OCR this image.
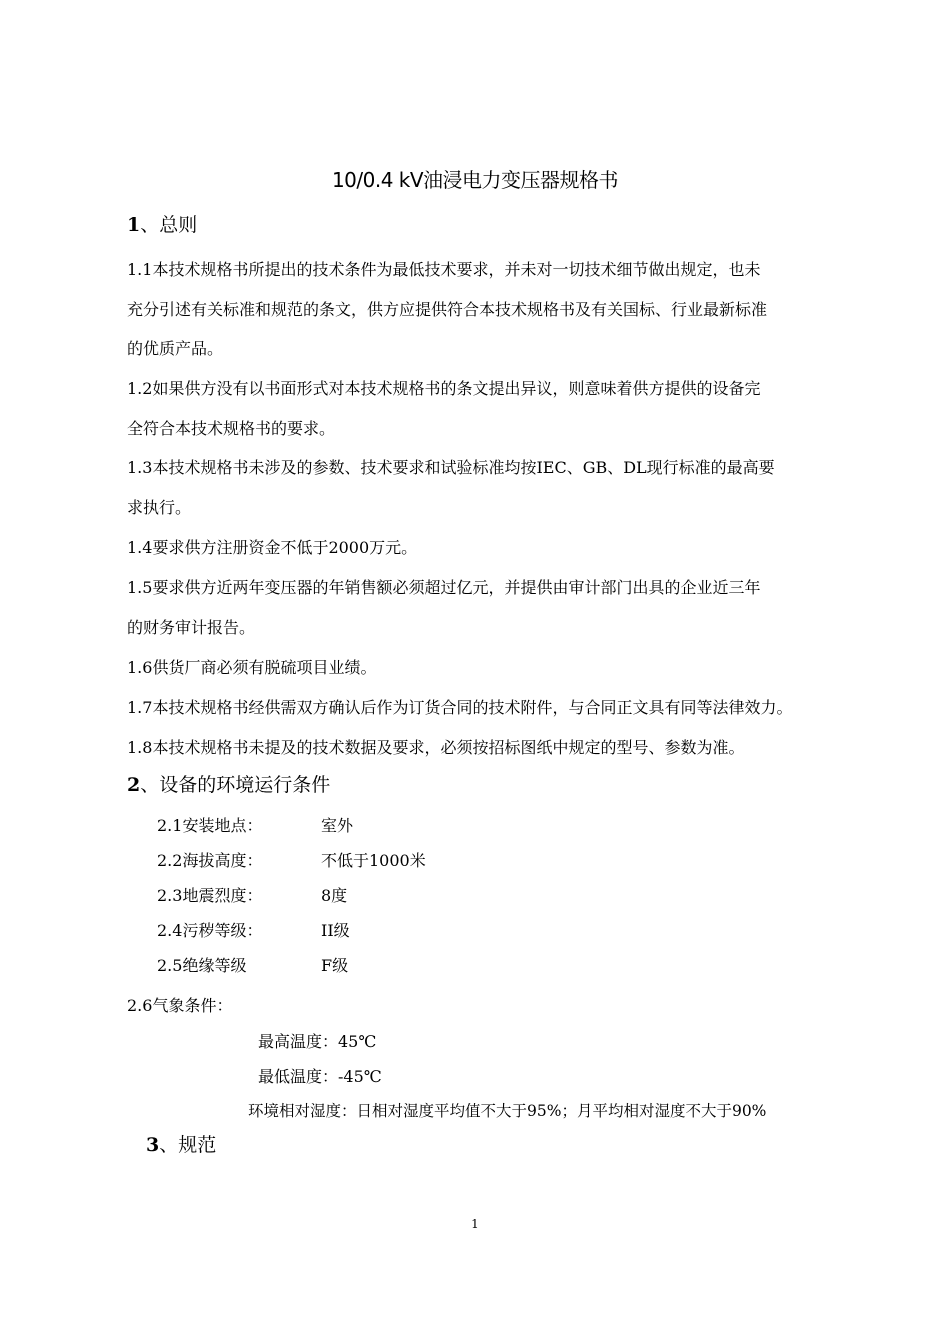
10/0.4 kV油浸电力变压器规格书
1、总则
1.1本技术规格书所提出的技术条件为最低技术要求，并未对一切技术细节做出规定，也未
充分引述有关标准和规范的条文，供方应提供符合本技术规格书及有关国标、行业最新标准
的优质产品。
1.2如果供方没有以书面形式对本技术规格书的条文提出异议，则意味着供方提供的设备完
全符合本技术规格书的要求。
1.3本技术规格书未涉及的参数、技术要求和试验标准均按IEC、GB、DL现行标准的最高要
求执行。
1.4要求供方注册资金不低于2000万元。
1.5要求供方近两年变压器的年销售额必须超过亿元，并提供由审计部门出具的企业近三年
的财务审计报告。
1.6供货厂商必须有脱硫项目业绩。
1.7本技术规格书经供需双方确认后作为订货合同的技术附件，与合同正文具有同等法律效力。
1.8本技术规格书未提及的技术数据及要求，必须按招标图纸中规定的型号、参数为准。
2、设备的环境运行条件
2.1安装地点：	室外
2.2海拔高度：	不低于1000米
2.3地震烈度：	8度
2.4污秽等级：	II级
2.5绝缘等级	F级
2.6气象条件：
最高温度：45℃
最低温度：-45℃
环境相对湿度：日相对湿度平均值不大于95%；月平均相对湿度不大于90%
3、规范
1
